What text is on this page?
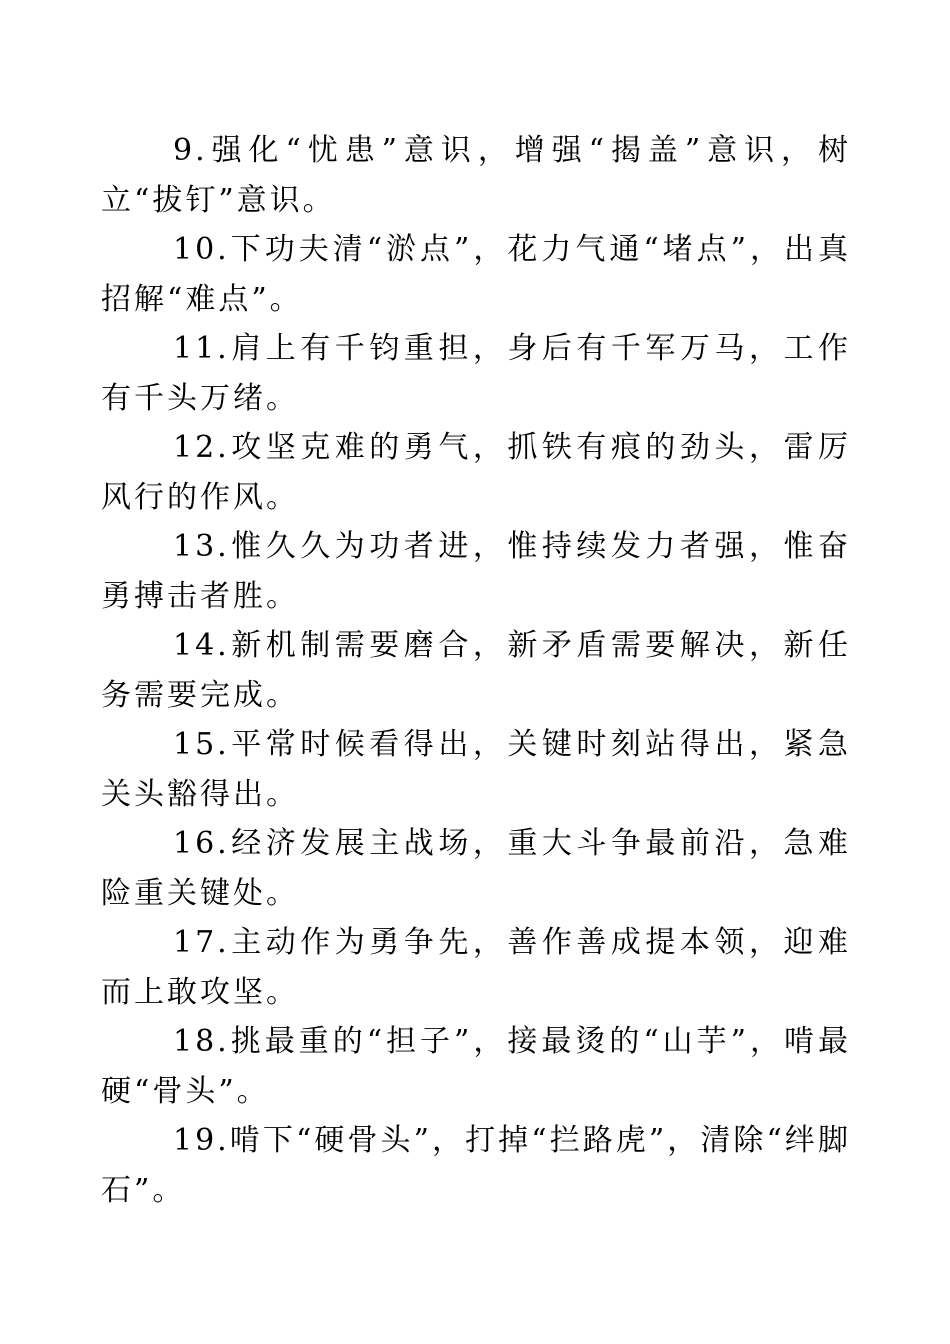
9.强化“忧患”意识，增强“揭盖”意识，树立“拔钉”意识。

10.下功夫清“淤点”，花力气通“堵点”，出真招解“难点”。

11.肩上有千钧重担，身后有千军万马，工作有千头万绪。

12.攻坚克难的勇气，抓铁有痕的劲头，雷厉风行的作风。

13.惟久久为功者进，惟持续发力者强，惟奋勇搏击者胜。

14.新机制需要磨合，新矛盾需要解决，新任务需要完成。

15.平常时候看得出，关键时刻站得出，紧急关头豁得出。

16.经济发展主战场，重大斗争最前沿，急难险重关键处。

17.主动作为勇争先，善作善成提本领，迎难而上敢攻坚。

18.挑最重的“担子”，接最烫的“山芋”，啃最硬“骨头”。

19.啃下“硬骨头”，打掉“拦路虎”，清除“绊脚石”。
